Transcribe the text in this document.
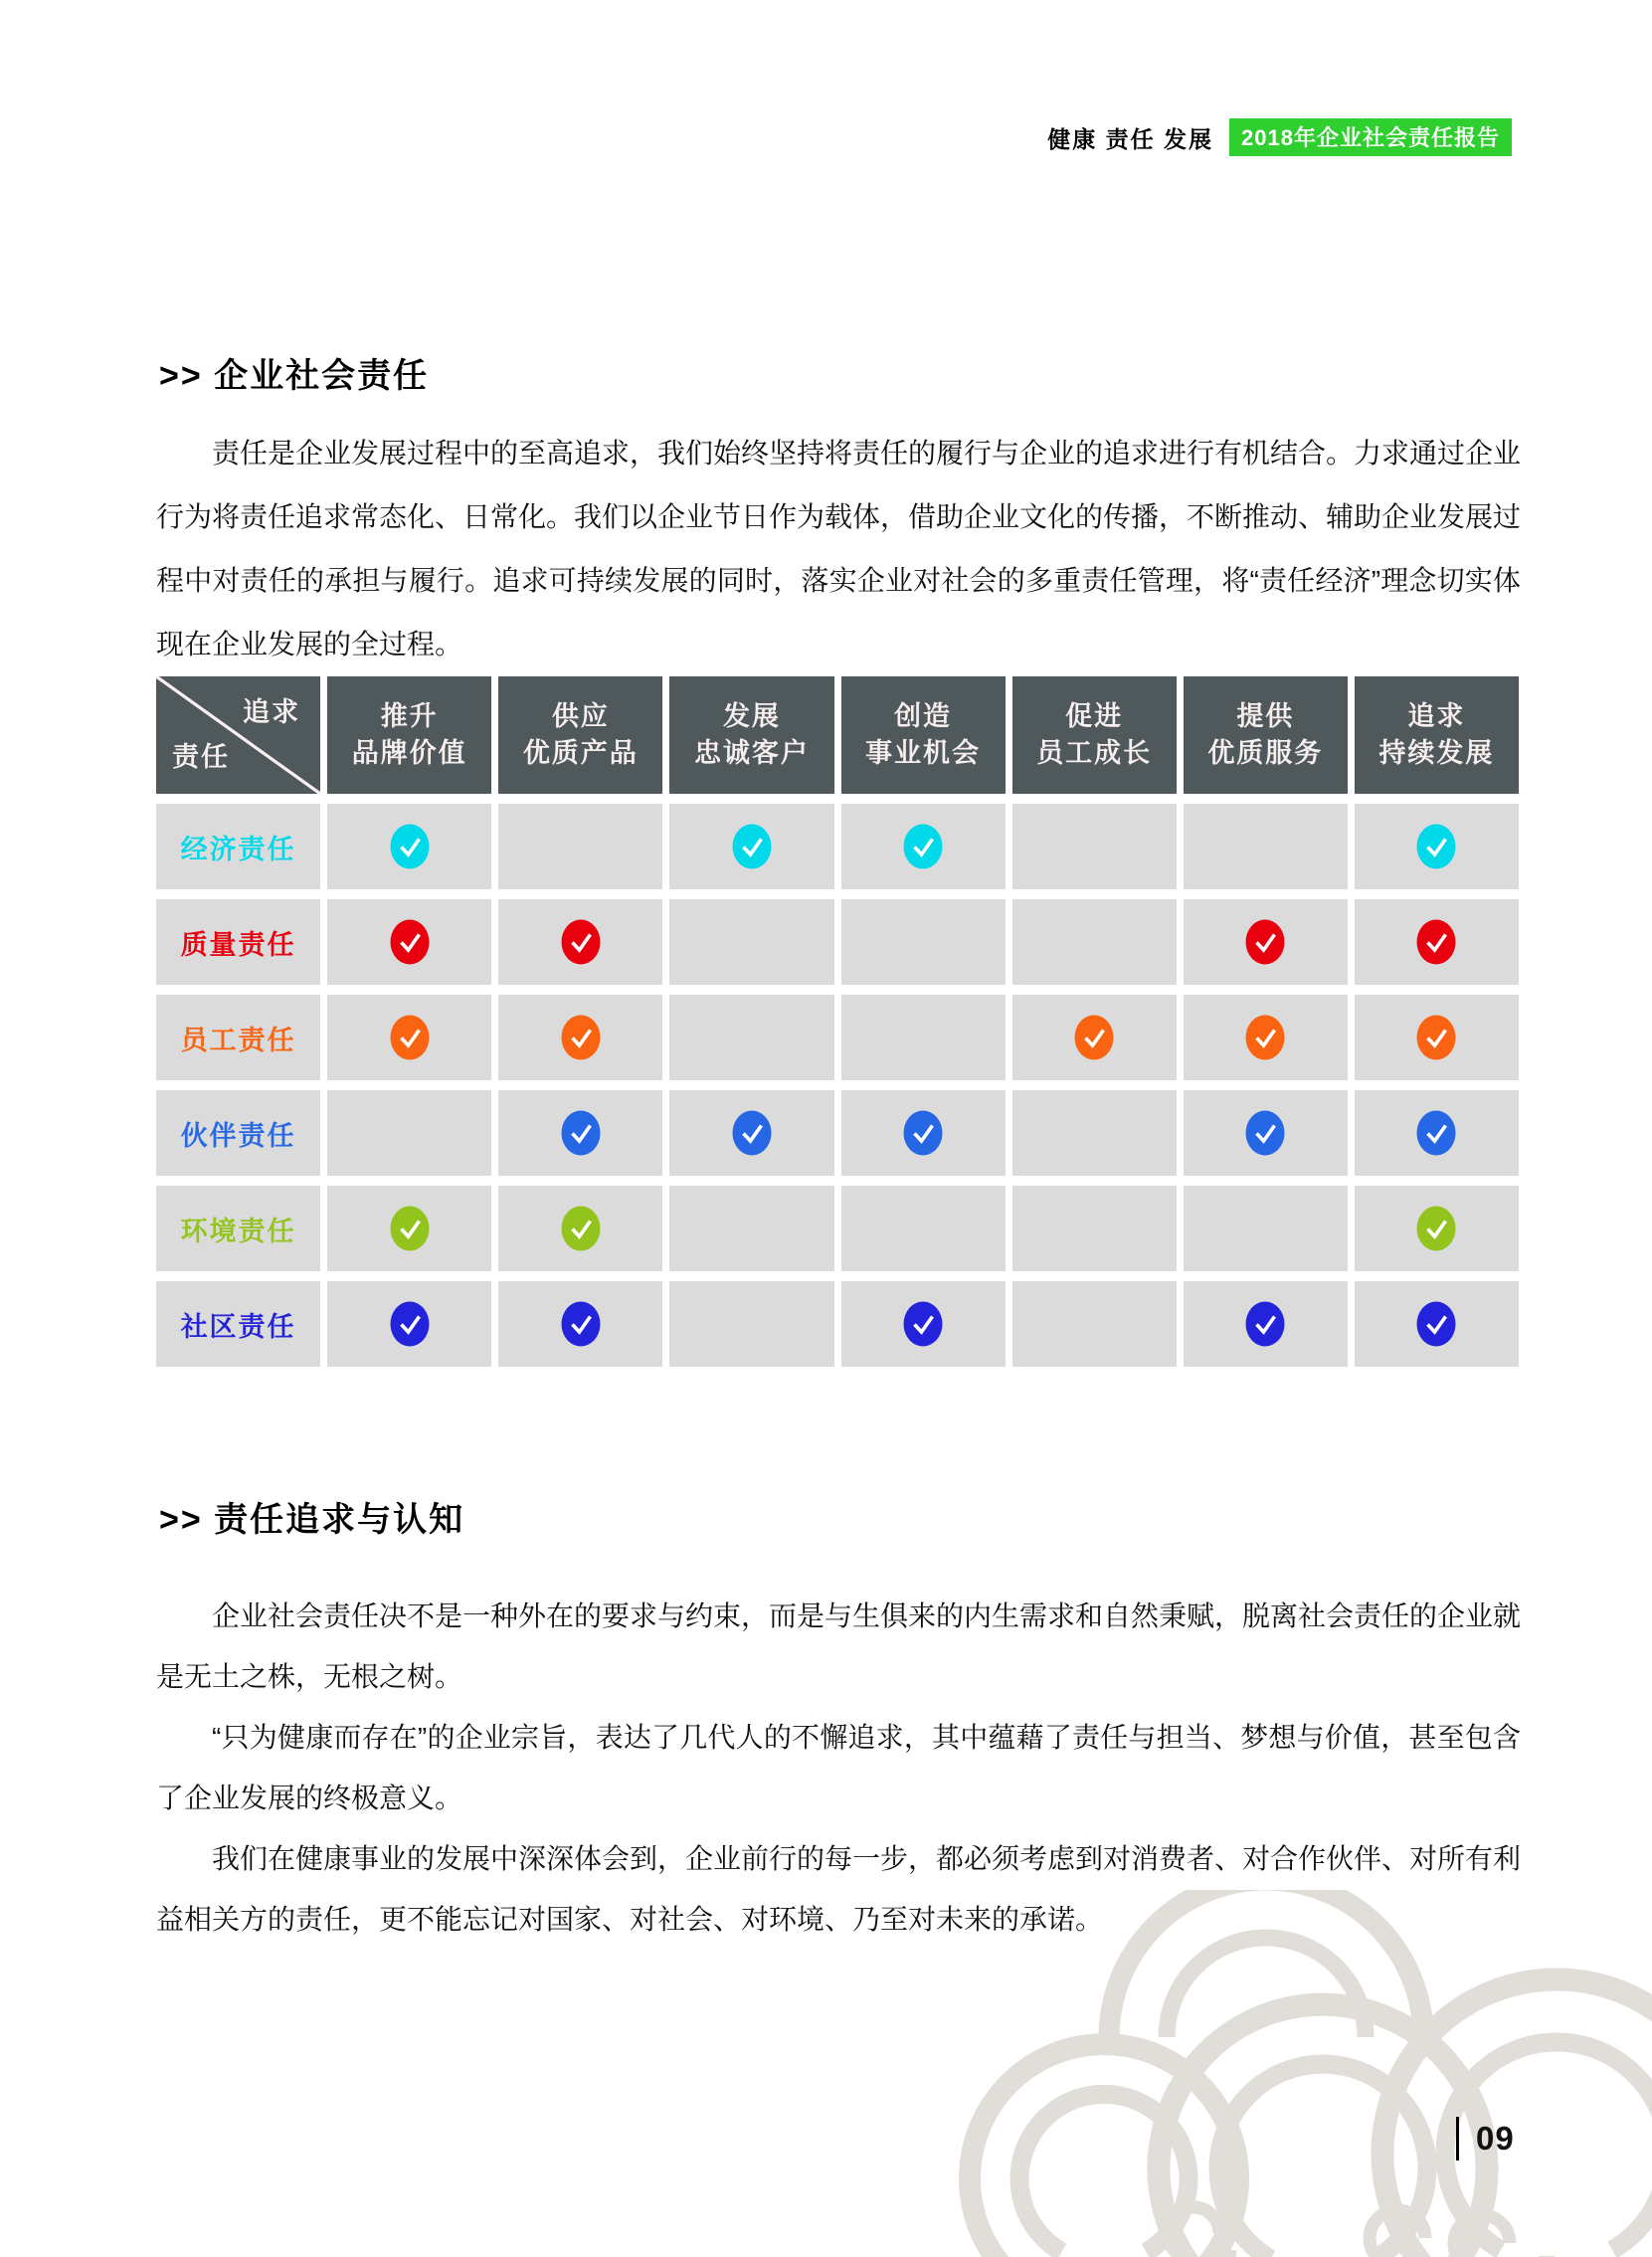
健康 责任 发展	2018年企业社会责任报告
>> 企业社会责任

责任是企业发展过程中的至高追求，我们始终坚持将责任的履行与企业的追求进行有机结合。力求通过企业行为将责任追求常态化、日常化。我们以企业节日作为载体，借助企业文化的传播，不断推动、辅助企业发展过程中对责任的承担与履行。追求可持续发展的同时，落实企业对社会的多重责任管理，将“责任经济”理念切实体现在企业发展的全过程。

追求
责任
推升
品牌价值
供应
优质产品
发展
忠诚客户
创造
事业机会
促进
员工成长
提供
优质服务
追求
持续发展
经济责任
质量责任
员工责任
伙伴责任
环境责任
社区责任
>> 责任追求与认知

企业社会责任决不是一种外在的要求与约束，而是与生俱来的内生需求和自然秉赋，脱离社会责任的企业就是无土之株，无根之树。

“只为健康而存在”的企业宗旨，表达了几代人的不懈追求，其中蕴藉了责任与担当、梦想与价值，甚至包含了企业发展的终极意义。

我们在健康事业的发展中深深体会到，企业前行的每一步，都必须考虑到对消费者、对合作伙伴、对所有利益相关方的责任，更不能忘记对国家、对社会、对环境、乃至对未来的承诺。

09
